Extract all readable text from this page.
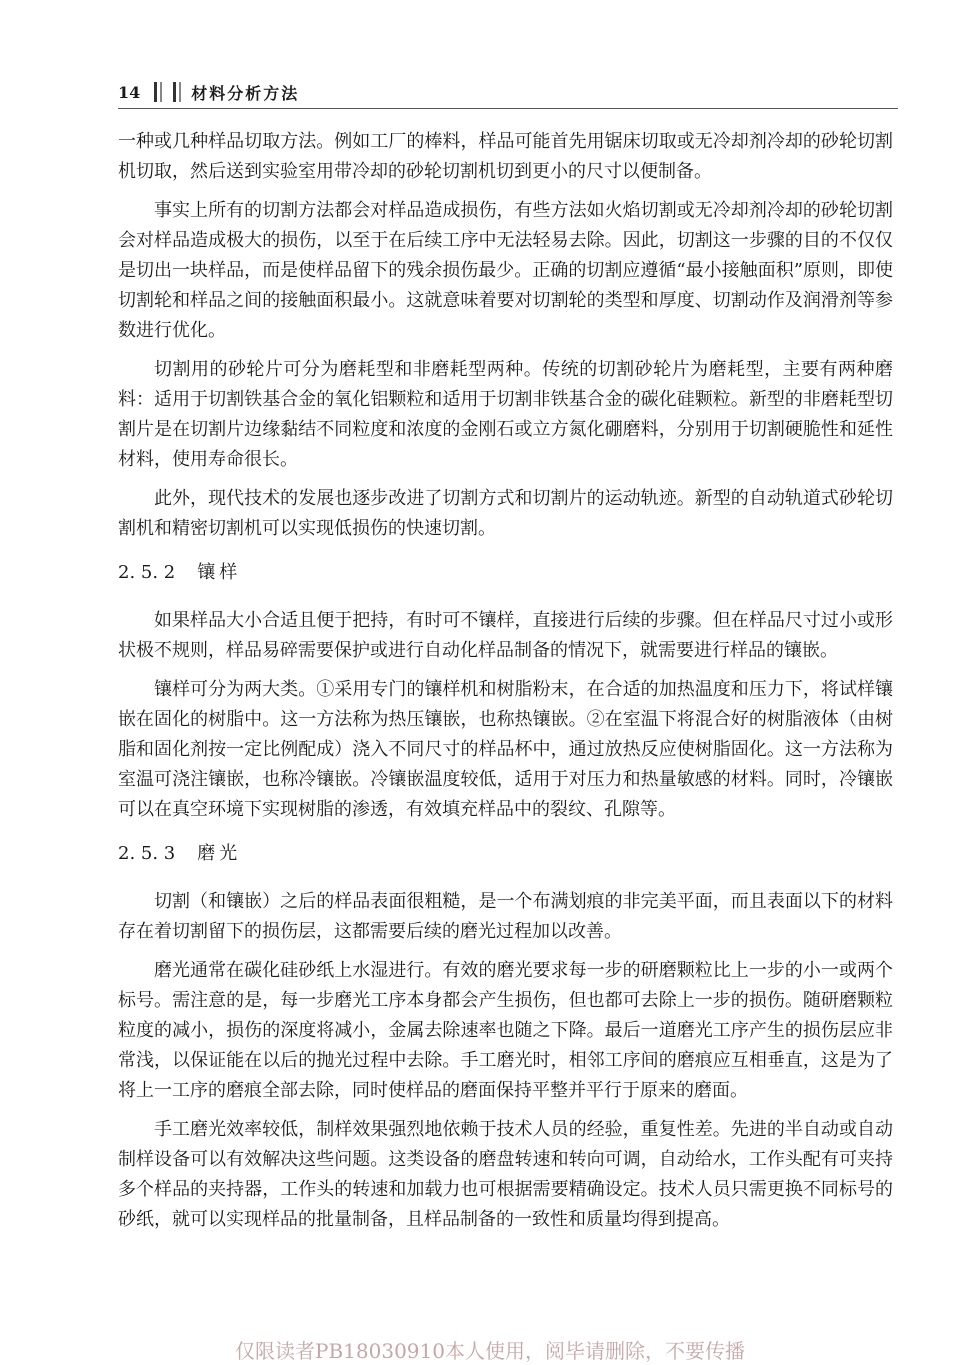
14	材料分析方法

一种或几种样品切取方法。例如工厂的棒料，样品可能首先用锯床切取或无冷却剂冷却的砂轮切割机切取，然后送到实验室用带冷却的砂轮切割机切到更小的尺寸以便制备。

事实上所有的切割方法都会对样品造成损伤，有些方法如火焰切割或无冷却剂冷却的砂轮切割会对样品造成极大的损伤，以至于在后续工序中无法轻易去除。因此，切割这一步骤的目的不仅仅是切出一块样品，而是使样品留下的残余损伤最少。正确的切割应遵循“最小接触面积”原则，即使切割轮和样品之间的接触面积最小。这就意味着要对切割轮的类型和厚度、切割动作及润滑剂等参数进行优化。

切割用的砂轮片可分为磨耗型和非磨耗型两种。传统的切割砂轮片为磨耗型，主要有两种磨料：适用于切割铁基合金的氧化铝颗粒和适用于切割非铁基合金的碳化硅颗粒。新型的非磨耗型切割片是在切割片边缘黏结不同粒度和浓度的金刚石或立方氮化硼磨料，分别用于切割硬脆性和延性材料，使用寿命很长。

此外，现代技术的发展也逐步改进了切割方式和切割片的运动轨迹。新型的自动轨道式砂轮切割机和精密切割机可以实现低损伤的快速切割。

2. 5. 2 镶样

如果样品大小合适且便于把持，有时可不镶样，直接进行后续的步骤。但在样品尺寸过小或形状极不规则，样品易碎需要保护或进行自动化样品制备的情况下，就需要进行样品的镶嵌。

镶样可分为两大类。①采用专门的镶样机和树脂粉末，在合适的加热温度和压力下，将试样镶嵌在固化的树脂中。这一方法称为热压镶嵌，也称热镶嵌。②在室温下将混合好的树脂液体（由树脂和固化剂按一定比例配成）浇入不同尺寸的样品杯中，通过放热反应使树脂固化。这一方法称为室温可浇注镶嵌，也称冷镶嵌。冷镶嵌温度较低，适用于对压力和热量敏感的材料。同时，冷镶嵌可以在真空环境下实现树脂的渗透，有效填充样品中的裂纹、孔隙等。

2. 5. 3 磨光

切割（和镶嵌）之后的样品表面很粗糙，是一个布满划痕的非完美平面，而且表面以下的材料存在着切割留下的损伤层，这都需要后续的磨光过程加以改善。

磨光通常在碳化硅砂纸上水湿进行。有效的磨光要求每一步的研磨颗粒比上一步的小一或两个标号。需注意的是，每一步磨光工序本身都会产生损伤，但也都可去除上一步的损伤。随研磨颗粒粒度的减小，损伤的深度将减小，金属去除速率也随之下降。最后一道磨光工序产生的损伤层应非常浅，以保证能在以后的抛光过程中去除。手工磨光时，相邻工序间的磨痕应互相垂直，这是为了将上一工序的磨痕全部去除，同时使样品的磨面保持平整并平行于原来的磨面。

手工磨光效率较低，制样效果强烈地依赖于技术人员的经验，重复性差。先进的半自动或自动制样设备可以有效解决这些问题。这类设备的磨盘转速和转向可调，自动给水，工作头配有可夹持多个样品的夹持器，工作头的转速和加载力也可根据需要精确设定。技术人员只需更换不同标号的砂纸，就可以实现样品的批量制备，且样品制备的一致性和质量均得到提高。

仅限读者PB18030910本人使用，阅毕请删除，不要传播
